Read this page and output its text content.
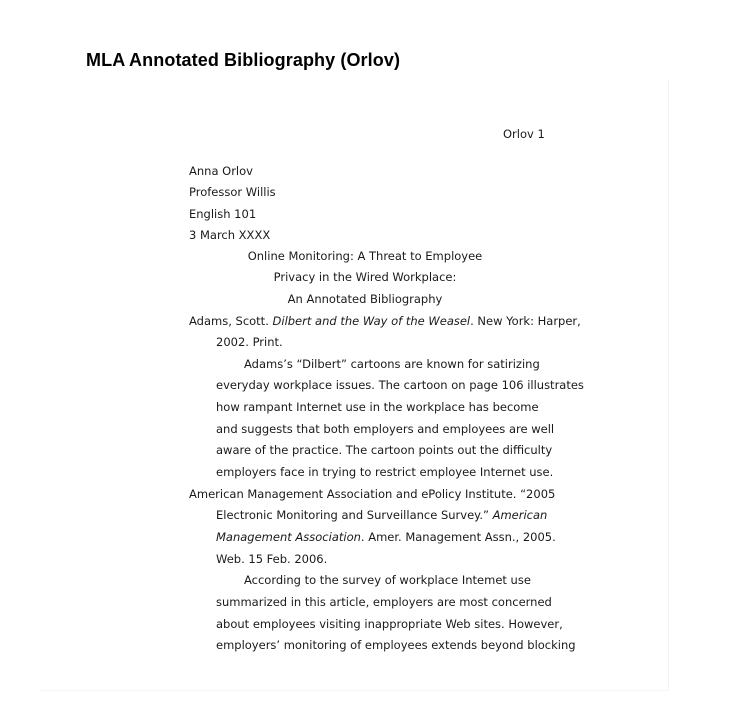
MLA Annotated Bibliography (Orlov)
Orlov 1
Anna Orlov
Professor Willis
English 101
3 March XXXX
Online Monitoring: A Threat to Employee
Privacy in the Wired Workplace:
An Annotated Bibliography
Adams, Scott. Dilbert and the Way of the Weasel. New York: Harper,
2002. Print.
Adams’s “Dilbert” cartoons are known for satirizing
everyday workplace issues. The cartoon on page 106 illustrates
how rampant Internet use in the workplace has become
and suggests that both employers and employees are well
aware of the practice. The cartoon points out the difficulty
employers face in trying to restrict employee Internet use.
American Management Association and ePolicy Institute. “2005
Electronic Monitoring and Surveillance Survey.” American
Management Association. Amer. Management Assn., 2005.
Web. 15 Feb. 2006.
According to the survey of workplace Intemet use
summarized in this article, employers are most concerned
about employees visiting inappropriate Web sites. However,
employers’ monitoring of employees extends beyond blocking
